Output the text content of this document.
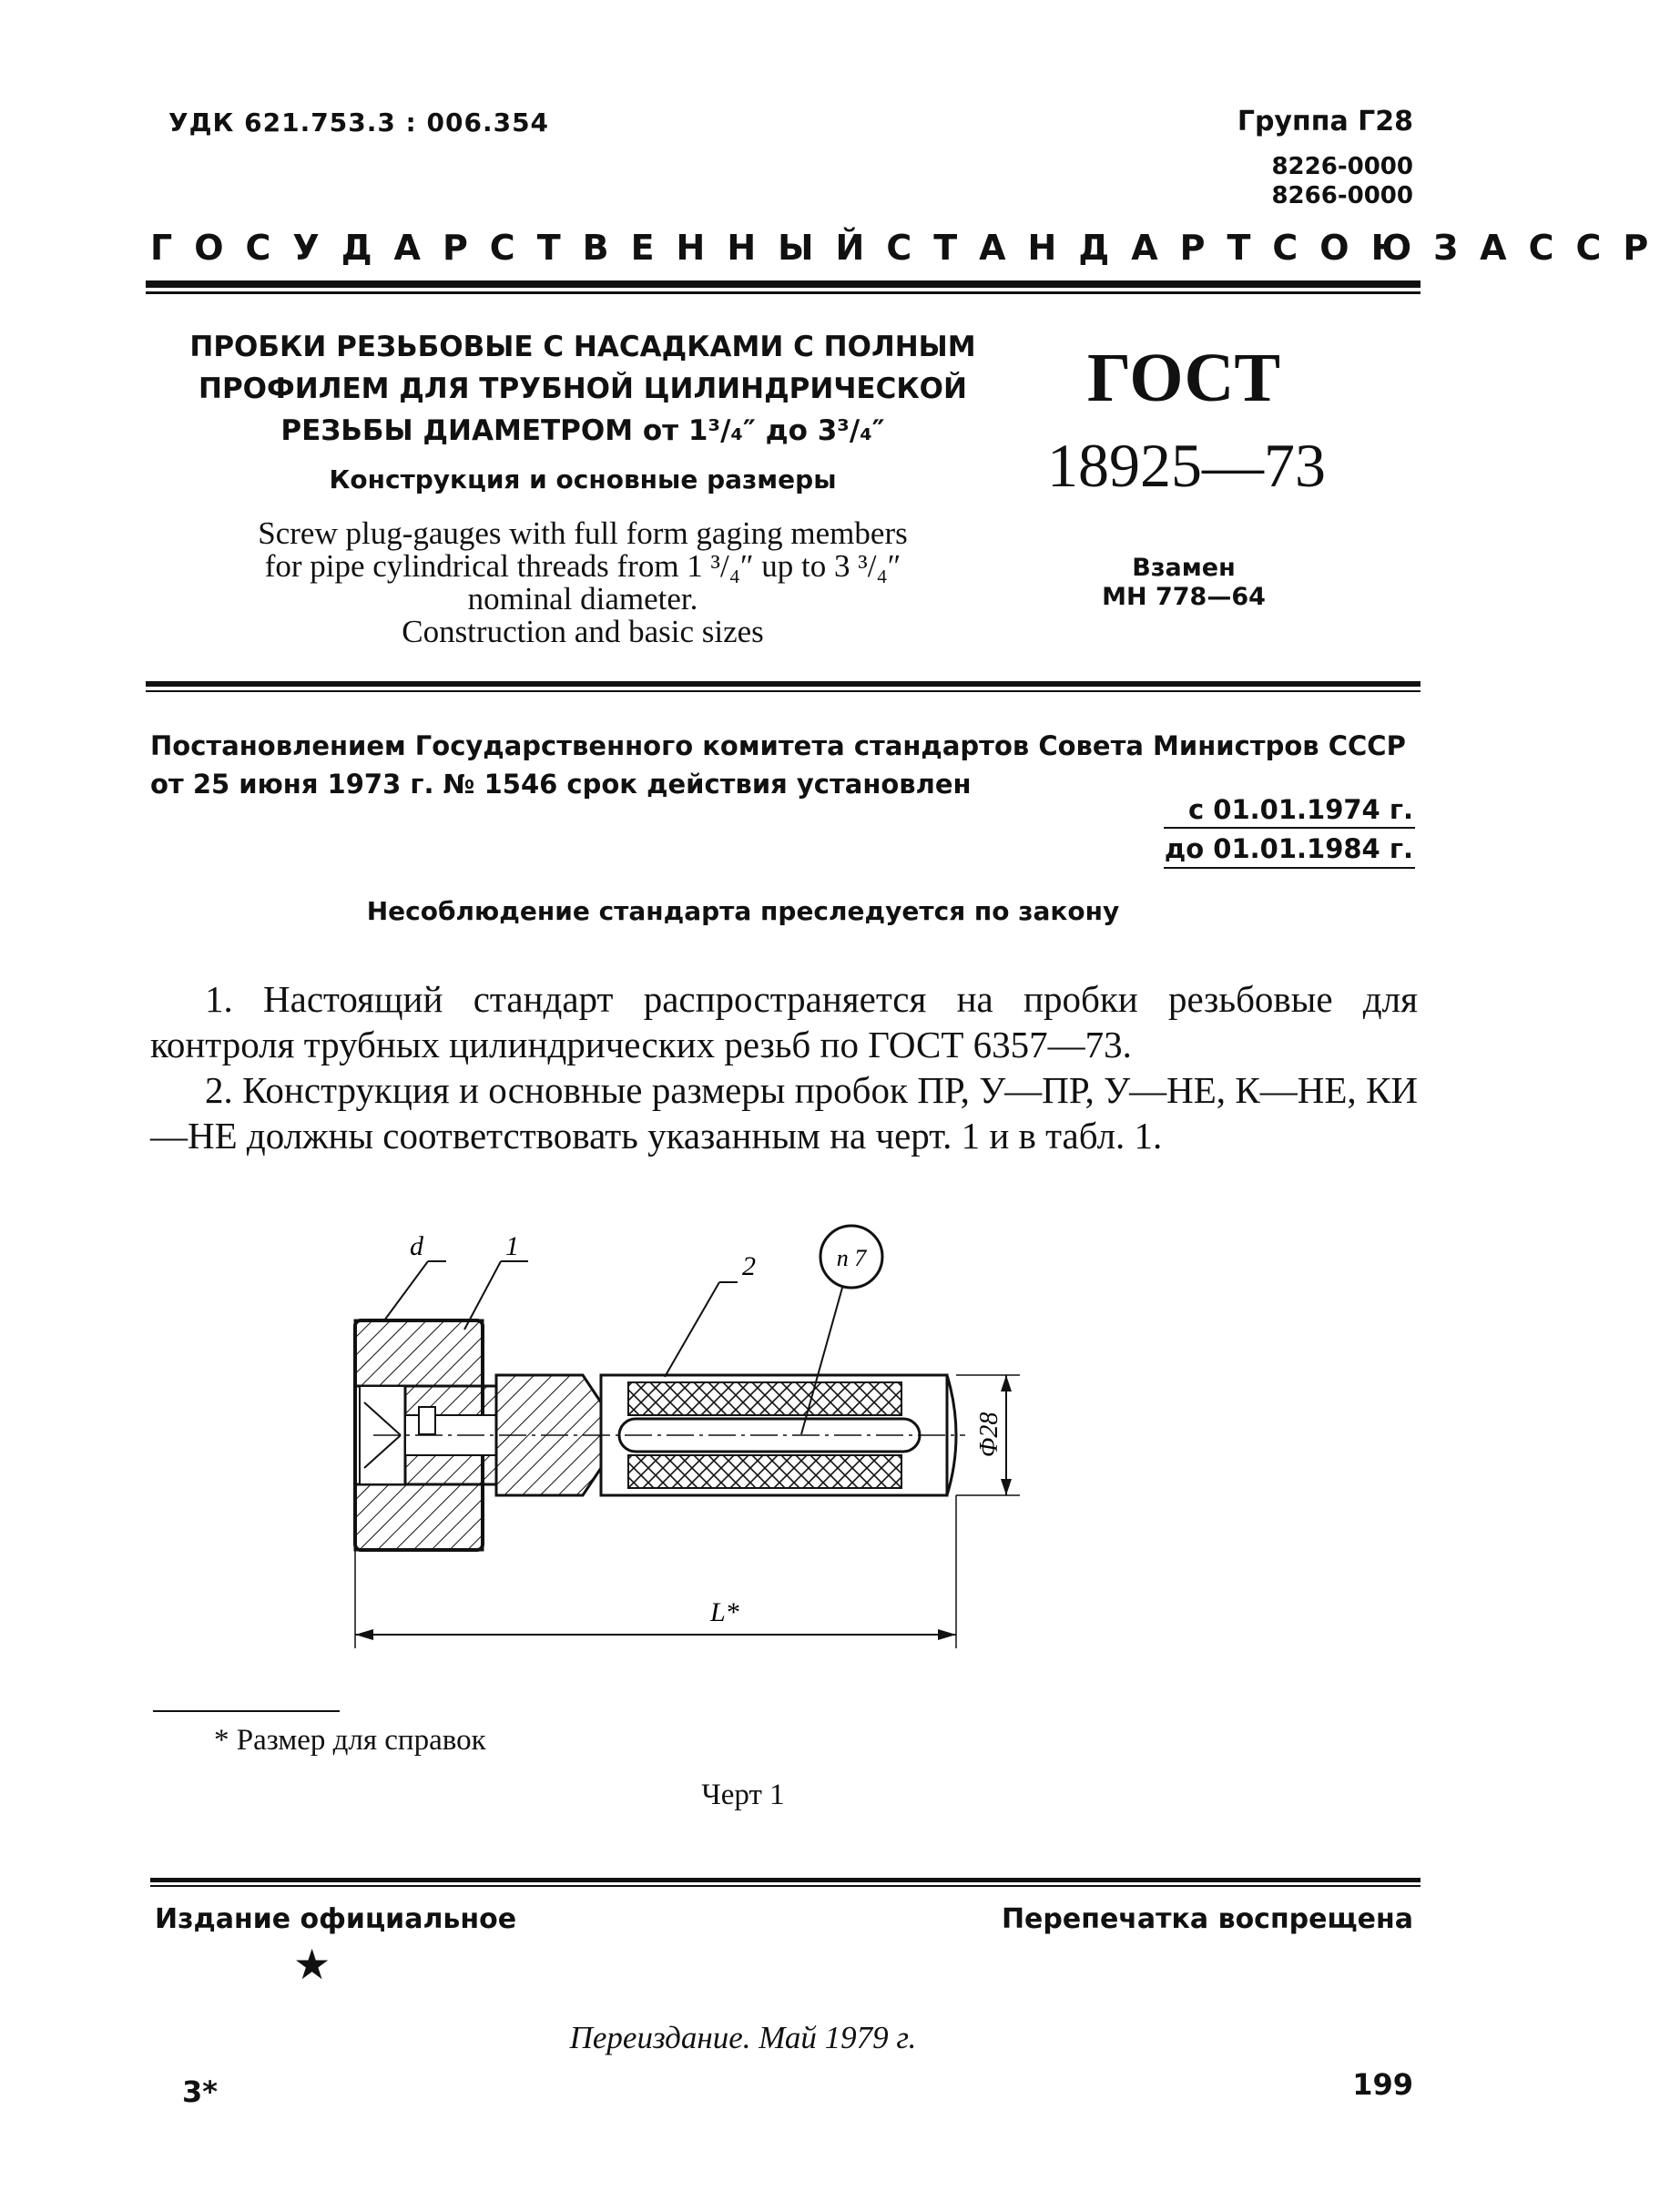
УДК 621.753.3 : 006.354	Группа Г28
8226-0000
8266-0000
ГОСУДАРСТВЕННЫЙ СТАНДАРТ СОЮЗА ССР
ПРОБКИ РЕЗЬБОВЫЕ С НАСАДКАМИ С ПОЛНЫМ
ПРОФИЛЕМ ДЛЯ ТРУБНОЙ ЦИЛИНДРИЧЕСКОЙ
РЕЗЬБЫ ДИАМЕТРОМ от 1³/₄″ до 3³/₄″
Конструкция и основные размеры
Screw plug-gauges with full form gaging members
for pipe cylindrical threads from 1 ³/₄″ up to 3 ³/₄″
nominal diameter.
Construction and basic sizes
ГОСТ
18925—73
Взамен
МН 778—64
Постановлением Государственного комитета стандартов Совета Министров СССР от 25 июня 1973 г. № 1546 срок действия установлен
с 01.01.1974 г.
до 01.01.1984 г.
Несоблюдение стандарта преследуется по закону
1. Настоящий стандарт распространяется на пробки резьбовые для контроля трубных цилиндрических резьб по ГОСТ 6357—73.
2. Конструкция и основные размеры пробок ПР, У—ПР, У—НЕ, К—НЕ, КИ—НЕ должны соответствовать указанным на черт. 1 и в табл. 1.
d	1
2	п 7
Φ28
L*
* Размер для справок
Черт 1
Издание официальное	Перепечатка воспрещена
★
Переиздание. Май 1979 г.
3*	199
